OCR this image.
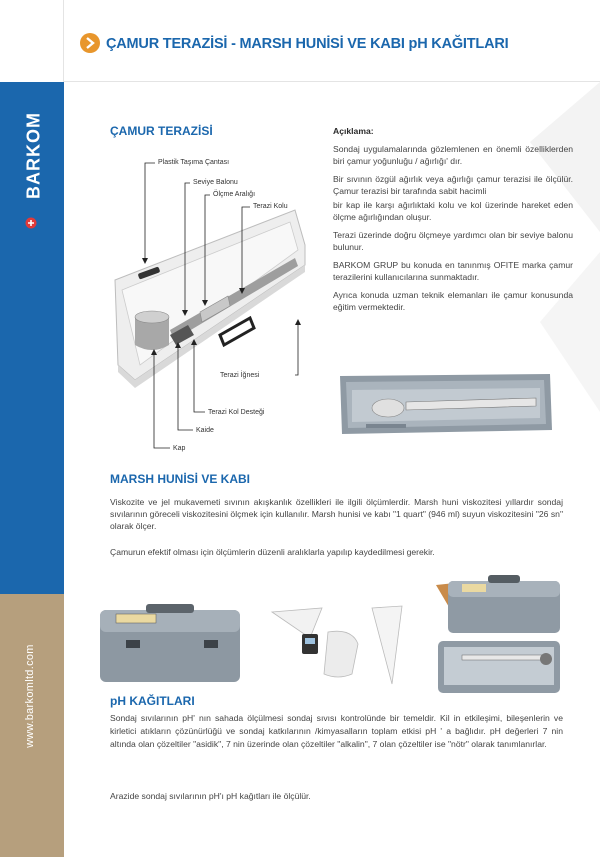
BARKOM
www.barkomltd.com
ÇAMUR TERAZİSİ - MARSH HUNİSİ VE KABI pH KAĞITLARI
ÇAMUR TERAZİSİ
Plastik Taşıma Çantası
Seviye Balonu
Ölçme Aralığı
Terazi Kolu
Terazi İğnesi
Terazi Kol Desteği
Kaide
Kap
Açıklama:

Sondaj uygulamalarında gözlemlenen en önemli özelliklerden biri çamur yoğunluğu / ağırlığı' dır.

Bir sıvının özgül ağırlık veya ağırlığı çamur terazisi ile ölçülür. Çamur terazisi bir tarafında sabit hacimli

bir kap ile karşı ağırlıktaki kolu ve kol üzerinde hareket eden ölçme ağırlığından oluşur.

Terazi üzerinde doğru ölçmeye yardımcı olan bir seviye balonu bulunur.

BARKOM GRUP bu konuda en tanınmış OFITE marka çamur terazilerini kullanıcılarına sunmaktadır.

Ayrıca konuda uzman teknik elemanları ile çamur konusunda eğitim vermektedir.

MARSH HUNİSİ VE KABI
Viskozite ve jel mukavemeti sıvının akışkanlık özellikleri ile ilgili ölçümlerdir. Marsh huni viskozitesi yıllardır sondaj sıvılarının göreceli viskozitesini ölçmek için kullanılır. Marsh hunisi ve kabı "1 quart" (946 ml) suyun viskozitesini "26 sn" olarak ölçer.
Çamurun efektif olması için ölçümlerin düzenli aralıklarla yapılıp kaydedilmesi gerekir.
pH KAĞITLARI
Sondaj sıvılarının pH' nın sahada ölçülmesi sondaj sıvısı kontrolünde bir temeldir. Kil in etkileşimi, bileşenlerin ve kirletici atıkların çözünürlüğü ve sondaj katkılarının /kimyasalların toplam etkisi pH ' a bağlıdır. pH değerleri 7 nin altında olan çözeltiler "asidik", 7 nin üzerinde olan çözeltiler "alkalin", 7 olan çözeltiler ise "nötr" olarak tanımlanırlar.
Arazide sondaj sıvılarının pH'ı pH kağıtları ile ölçülür.
